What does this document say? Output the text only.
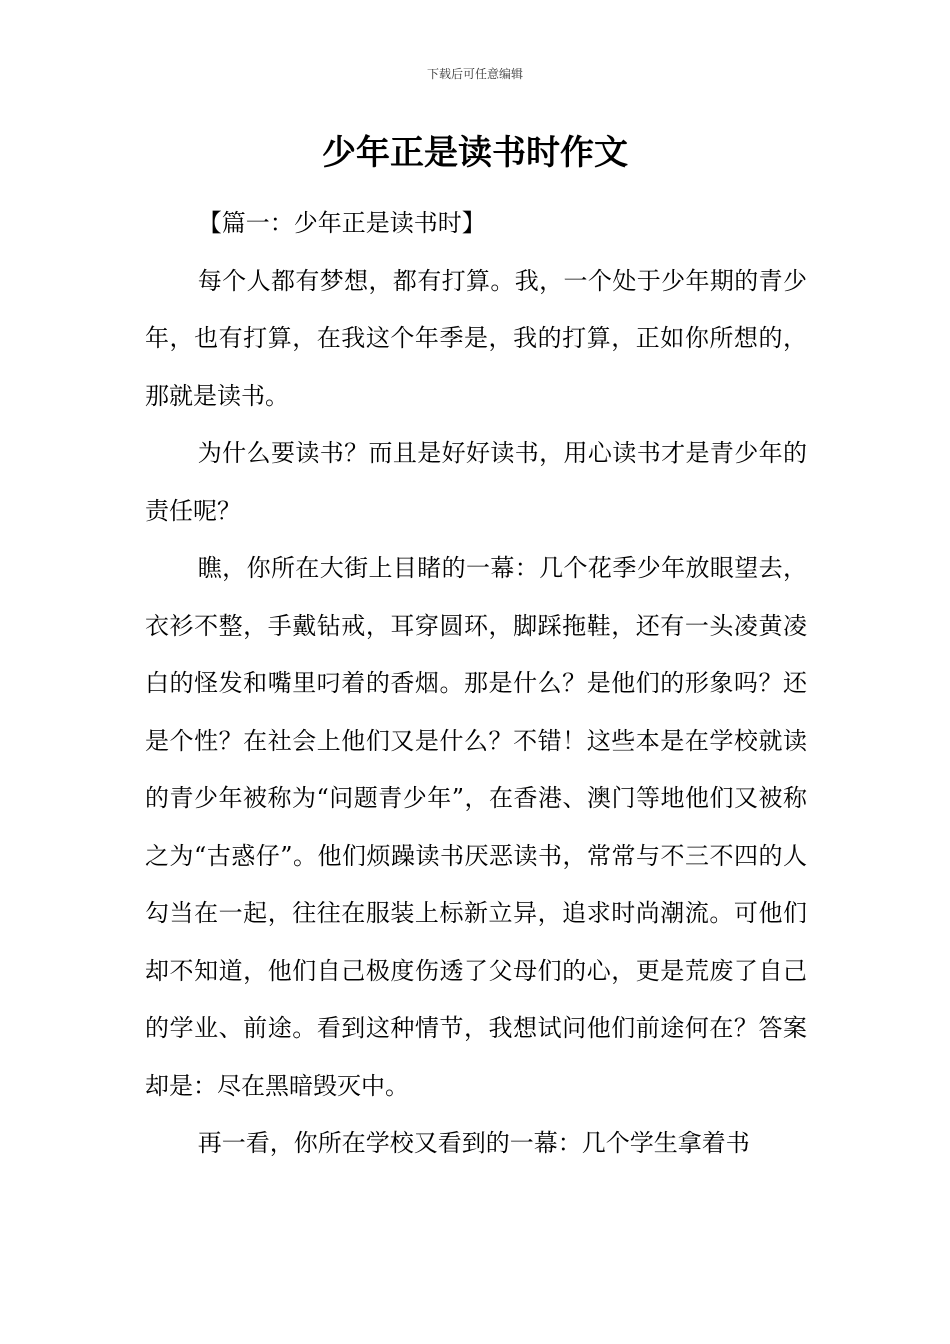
下载后可任意编辑
少年正是读书时作文

【篇一：少年正是读书时】

每个人都有梦想，都有打算。我，一个处于少年期的青少年，也有打算，在我这个年季是，我的打算，正如你所想的，那就是读书。

为什么要读书？而且是好好读书，用心读书才是青少年的责任呢？

瞧，你所在大街上目睹的一幕：几个花季少年放眼望去，衣衫不整，手戴钻戒，耳穿圆环，脚踩拖鞋，还有一头凌黄凌白的怪发和嘴里叼着的香烟。那是什么？是他们的形象吗？还是个性？在社会上他们又是什么？不错！这些本是在学校就读的青少年被称为“问题青少年”，在香港、澳门等地他们又被称之为“古惑仔”。他们烦躁读书厌恶读书，常常与不三不四的人勾当在一起，往往在服装上标新立异，追求时尚潮流。可他们却不知道，他们自己极度伤透了父母们的心，更是荒废了自己的学业、前途。看到这种情节，我想试问他们前途何在？答案却是：尽在黑暗毁灭中。

再一看，你所在学校又看到的一幕：几个学生拿着书
